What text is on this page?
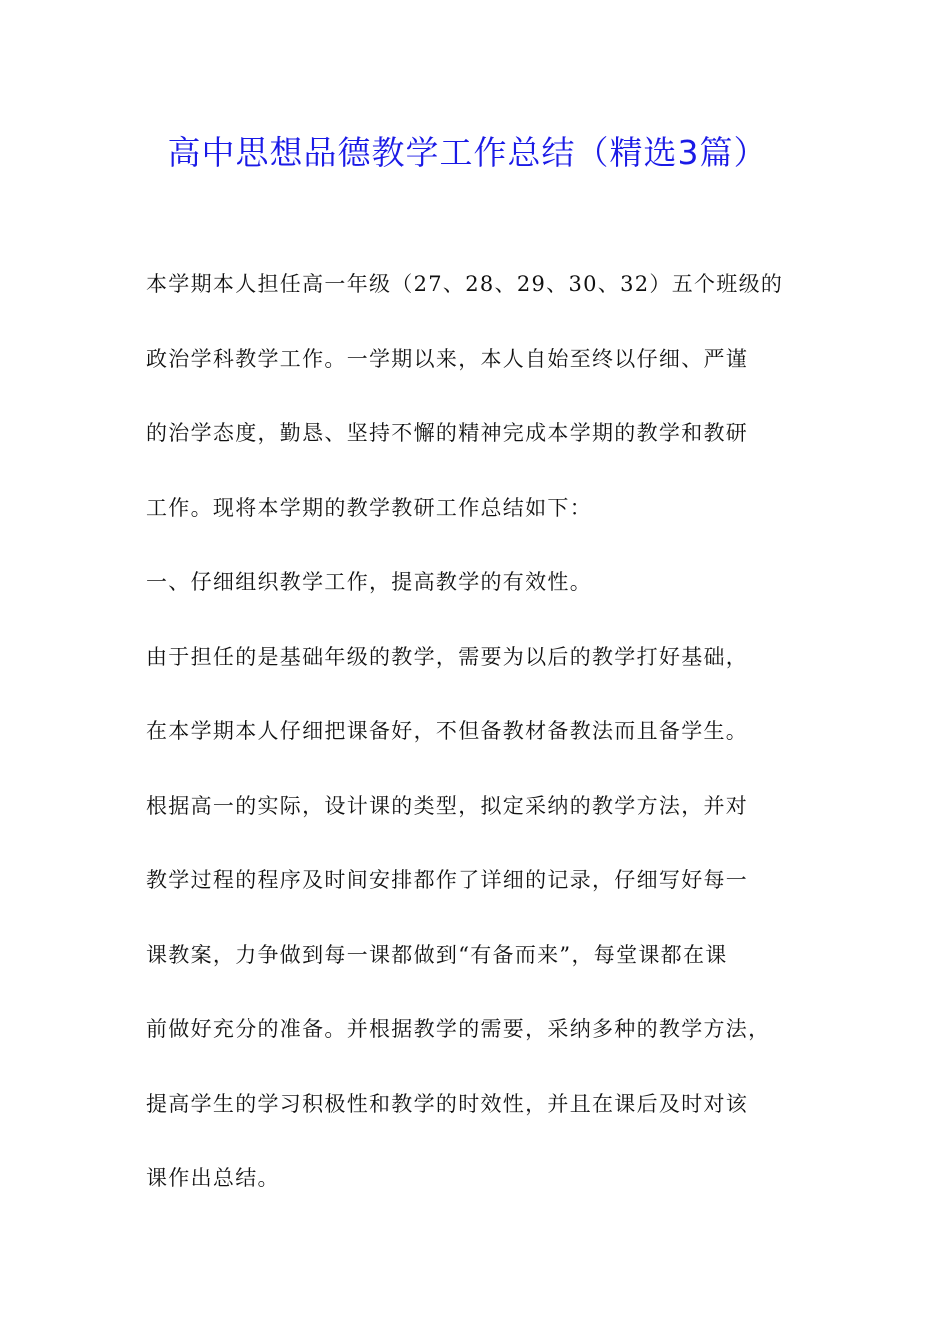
高中思想品德教学工作总结（精选3篇）
本学期本人担任高一年级（27、28、29、30、32）五个班级的
政治学科教学工作。一学期以来，本人自始至终以仔细、严谨
的治学态度，勤恳、坚持不懈的精神完成本学期的教学和教研
工作。现将本学期的教学教研工作总结如下：
一、仔细组织教学工作，提高教学的有效性。
由于担任的是基础年级的教学，需要为以后的教学打好基础，
在本学期本人仔细把课备好，不但备教材备教法而且备学生。
根据高一的实际，设计课的类型，拟定采纳的教学方法，并对
教学过程的程序及时间安排都作了详细的记录，仔细写好每一
课教案，力争做到每一课都做到“有备而来”，每堂课都在课
前做好充分的准备。并根据教学的需要，采纳多种的教学方法，
提高学生的学习积极性和教学的时效性，并且在课后及时对该
课作出总结。
